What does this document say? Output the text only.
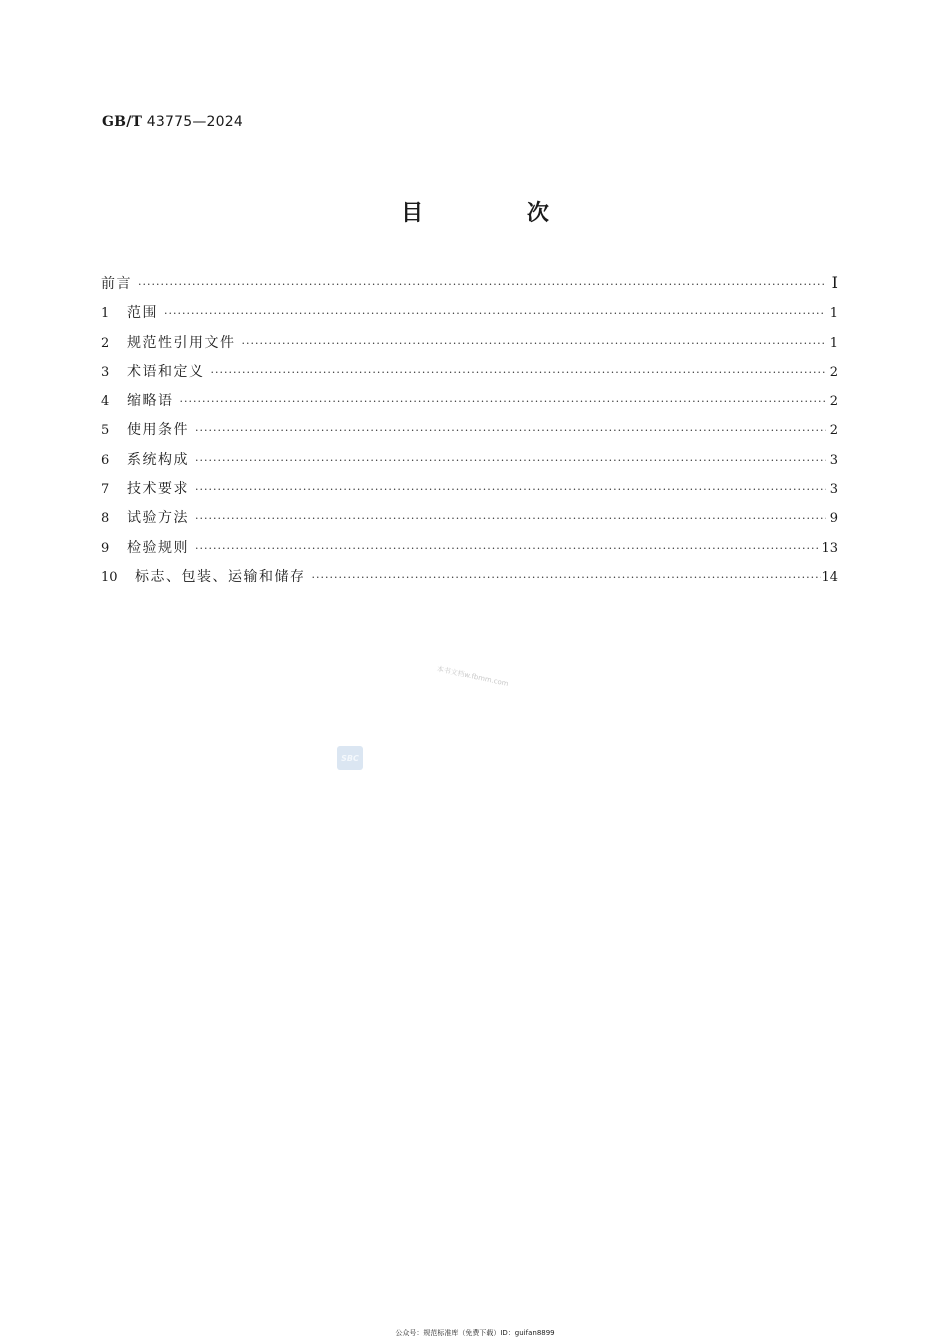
GB/T 43775—2024
目 次
前言 ·····	Ⅰ
1	范围 ·····	1
2	规范性引用文件 ·····	1
3	术语和定义 ·····	2
4	缩略语 ·····	2
5	使用条件 ·····	2
6	系统构成 ·····	3
7	技术要求 ·····	3
8	试验方法 ·····	9
9	检验规则 ·····	13
10	标志、包装、运输和储存 ·····	14
本书文档w.fbmm.com
SBC
公众号：规范标准库（免费下载）ID：guifan8899
